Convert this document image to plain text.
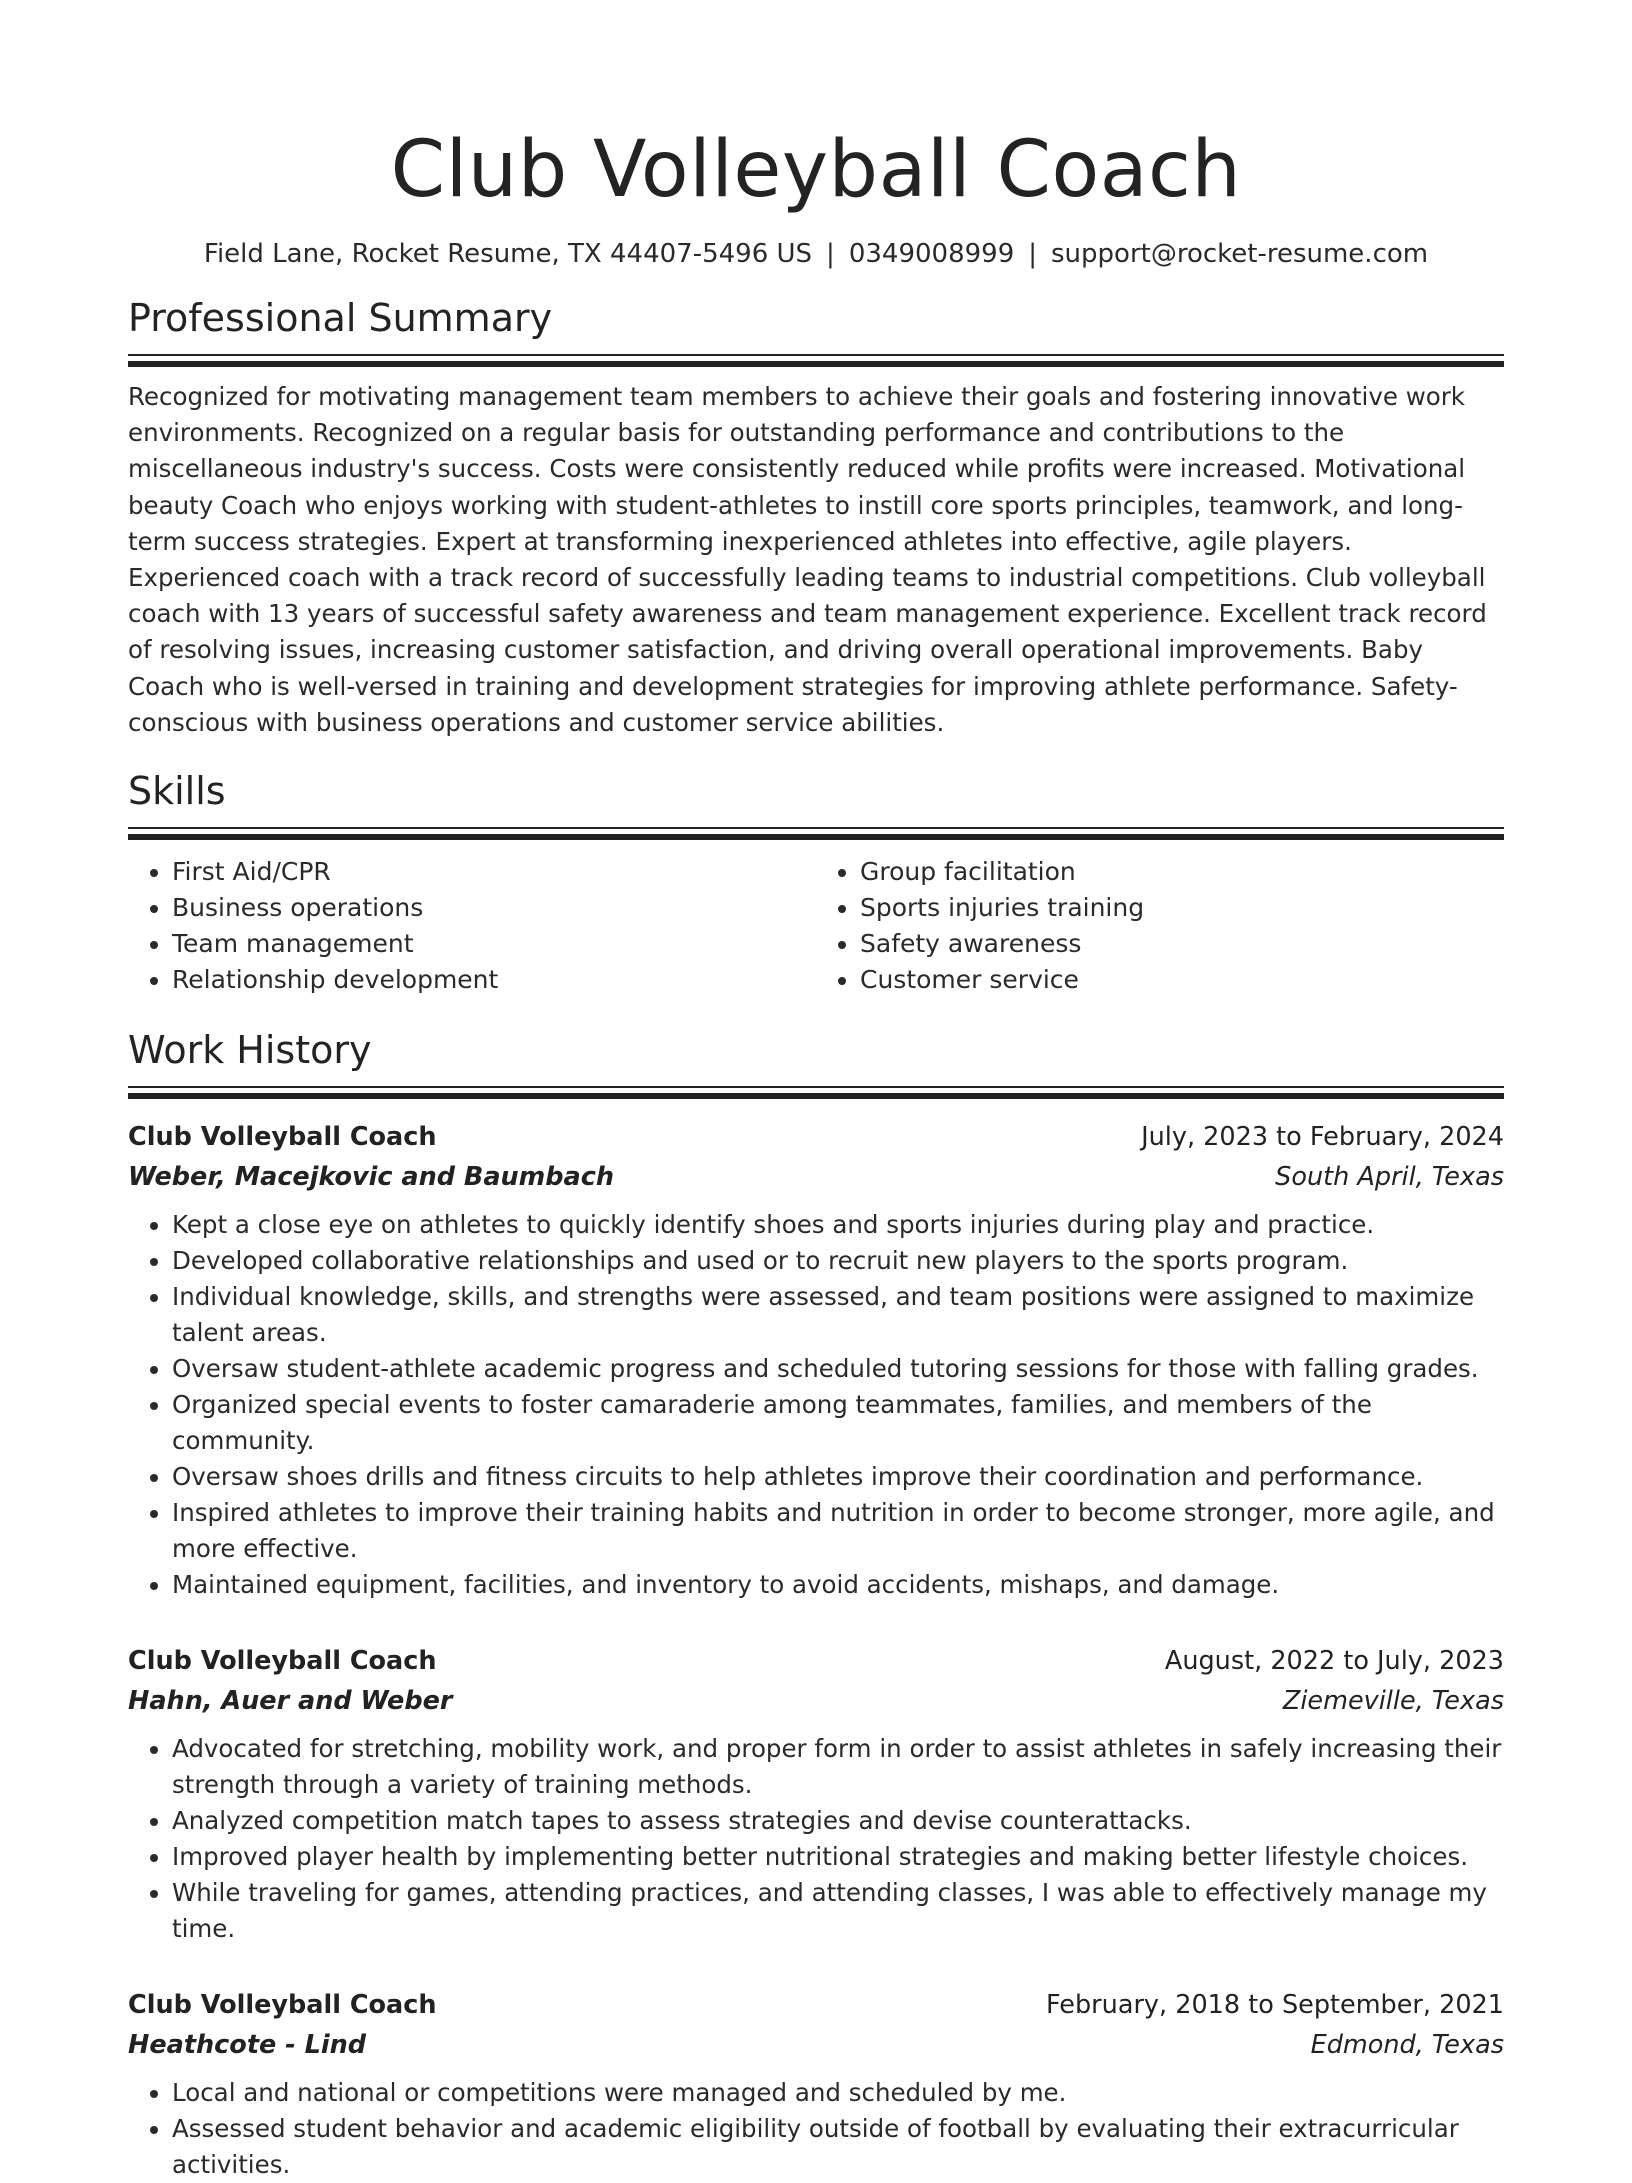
Club Volleyball Coach
Field Lane, Rocket Resume, TX 44407-5496 US | 0349008999 | support@rocket-resume.com
Professional Summary

Recognized for motivating management team members to achieve their goals and fostering innovative work environments. Recognized on a regular basis for outstanding performance and contributions to the miscellaneous industry's success. Costs were consistently reduced while profits were increased. Motivational beauty Coach who enjoys working with student-athletes to instill core sports principles, teamwork, and long-term success strategies. Expert at transforming inexperienced athletes into effective, agile players. Experienced coach with a track record of successfully leading teams to industrial competitions. Club volleyball coach with 13 years of successful safety awareness and team management experience. Excellent track record of resolving issues, increasing customer satisfaction, and driving overall operational improvements. Baby Coach who is well-versed in training and development strategies for improving athlete performance. Safety-conscious with business operations and customer service abilities.

Skills
• First Aid/CPR
• Business operations
• Team management
• Relationship development
• Group facilitation
• Sports injuries training
• Safety awareness
• Customer service
Work History
Club Volleyball Coach	July, 2023 to February, 2024
Weber, Macejkovic and Baumbach	South April, Texas
• Kept a close eye on athletes to quickly identify shoes and sports injuries during play and practice.
• Developed collaborative relationships and used or to recruit new players to the sports program.
• Individual knowledge, skills, and strengths were assessed, and team positions were assigned to maximize talent areas.
• Oversaw student-athlete academic progress and scheduled tutoring sessions for those with falling grades.
• Organized special events to foster camaraderie among teammates, families, and members of the community.
• Oversaw shoes drills and fitness circuits to help athletes improve their coordination and performance.
• Inspired athletes to improve their training habits and nutrition in order to become stronger, more agile, and more effective.
• Maintained equipment, facilities, and inventory to avoid accidents, mishaps, and damage.
Club Volleyball Coach	August, 2022 to July, 2023
Hahn, Auer and Weber	Ziemeville, Texas
• Advocated for stretching, mobility work, and proper form in order to assist athletes in safely increasing their strength through a variety of training methods.
• Analyzed competition match tapes to assess strategies and devise counterattacks.
• Improved player health by implementing better nutritional strategies and making better lifestyle choices.
• While traveling for games, attending practices, and attending classes, I was able to effectively manage my time.
Club Volleyball Coach	February, 2018 to September, 2021
Heathcote - Lind	Edmond, Texas
• Local and national or competitions were managed and scheduled by me.
• Assessed student behavior and academic eligibility outside of football by evaluating their extracurricular activities.
